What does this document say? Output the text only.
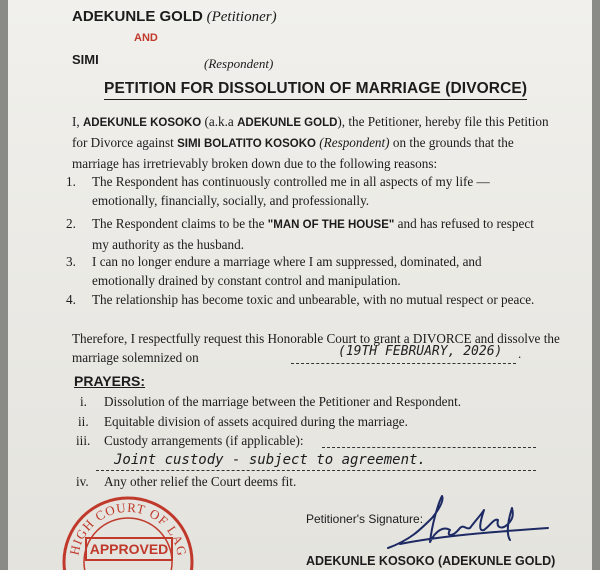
ADEKUNLE GOLD (Petitioner)
AND
SIMI	(Respondent)
PETITION FOR DISSOLUTION OF MARRIAGE (DIVORCE)
I, ADEKUNLE KOSOKO (a.k.a ADEKUNLE GOLD), the Petitioner, hereby file this Petition for Divorce against SIMI BOLATITO KOSOKO (Respondent) on the grounds that the marriage has irretrievably broken down due to the following reasons:
1. The Respondent has continuously controlled me in all aspects of my life — emotionally, financially, socially, and professionally.
2. The Respondent claims to be the "MAN OF THE HOUSE" and has refused to respect my authority as the husband.
3. I can no longer endure a marriage where I am suppressed, dominated, and emotionally drained by constant control and manipulation.
4. The relationship has become toxic and unbearable, with no mutual respect or peace.
Therefore, I respectfully request this Honorable Court to grant a DIVORCE and dissolve the marriage solemnized on	(19TH FEBRUARY, 2026) .
PRAYERS:
i. Dissolution of the marriage between the Petitioner and Respondent.
ii. Equitable division of assets acquired during the marriage.
iii. Custody arrangements (if applicable):
Joint custody - subject to agreement.
iv. Any other relief the Court deems fit.
HIGH COURT OF LAG
APPROVED
Petitioner's Signature:
ADEKUNLE KOSOKO (ADEKUNLE GOLD)
